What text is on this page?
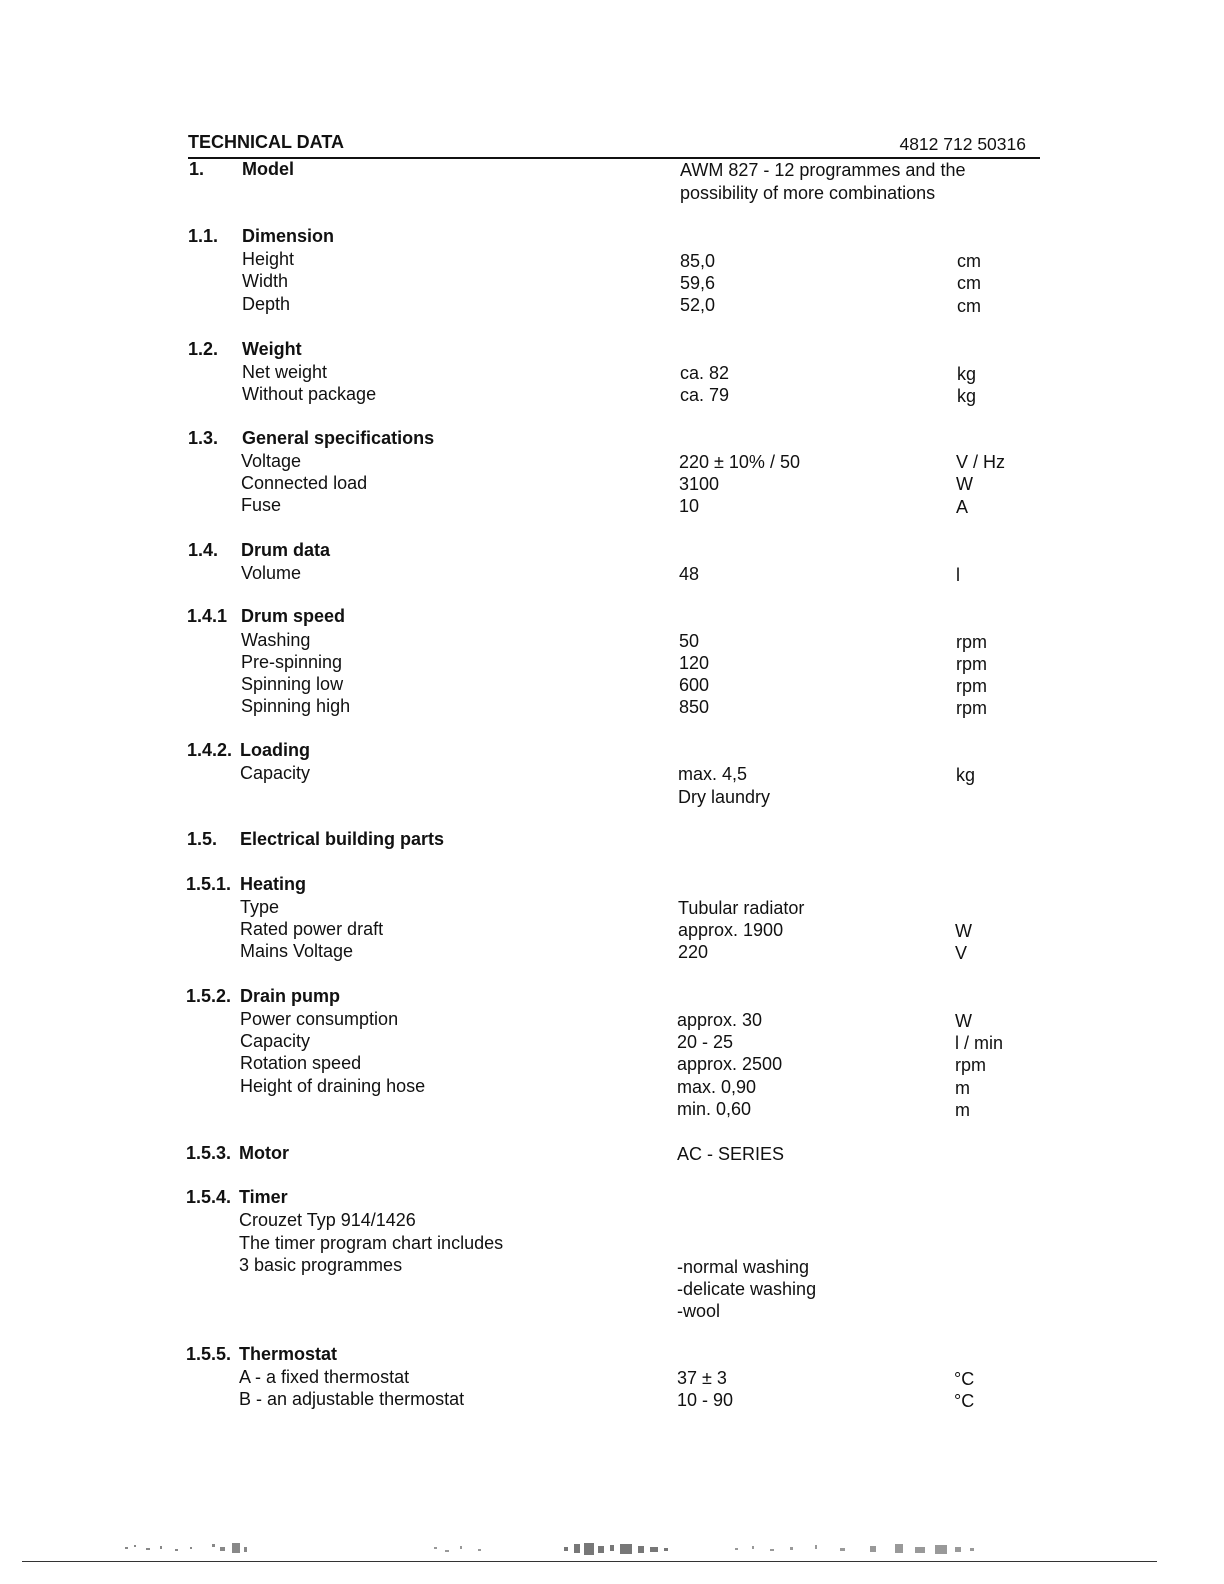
TECHNICAL DATA	4812 712 50316
1. Model	AWM 827 - 12 programmes and the
possibility of more combinations
1.1. Dimension
Height	85,0	cm
Width	59,6	cm
Depth	52,0	cm
1.2. Weight
Net weight	ca. 82	kg
Without package	ca. 79	kg
1.3. General specifications
Voltage	220 ± 10% / 50	V / Hz
Connected load	3100	W
Fuse	10	A
1.4. Drum data
Volume	48	l
1.4.1 Drum speed
Washing	50	rpm
Pre-spinning	120	rpm
Spinning low	600	rpm
Spinning high	850	rpm
1.4.2. Loading
Capacity	max. 4,5	kg
Dry laundry
1.5. Electrical building parts
1.5.1. Heating
Type	Tubular radiator
Rated power draft	approx. 1900	W
Mains Voltage	220	V
1.5.2. Drain pump
Power consumption	approx. 30	W
Capacity	20 - 25	l / min
Rotation speed	approx. 2500	rpm
Height of draining hose	max. 0,90	m
min. 0,60	m
1.5.3. Motor	AC - SERIES
1.5.4. Timer
Crouzet Typ 914/1426
The timer program chart includes
3 basic programmes	-normal washing
-delicate washing
-wool
1.5.5. Thermostat
A - a fixed thermostat	37 ± 3	°C
B - an adjustable thermostat	10 - 90	°C
